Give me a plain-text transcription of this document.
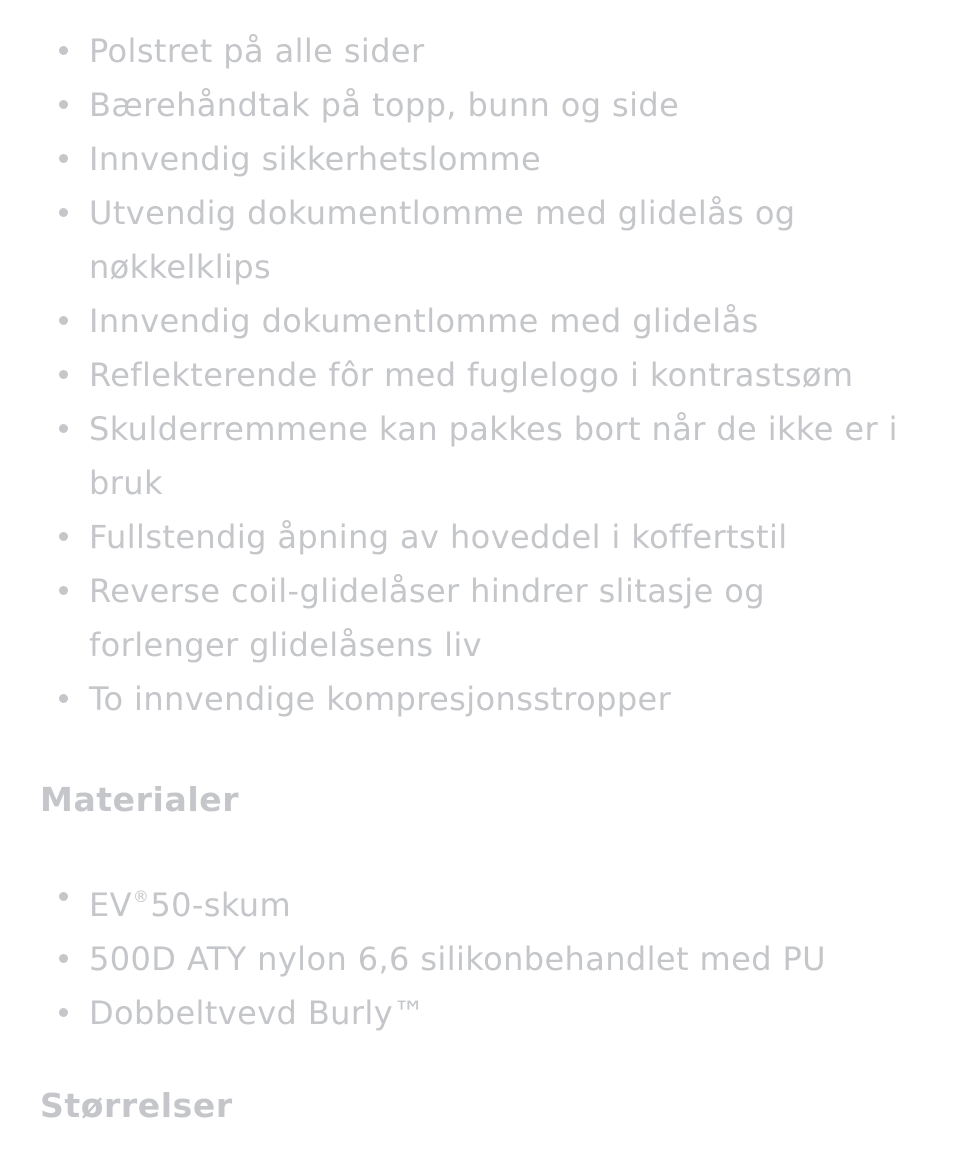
Polstret på alle sider
Bærehåndtak på topp, bunn og side
Innvendig sikkerhetslomme
Utvendig dokumentlomme med glidelås og nøkkelklips
Innvendig dokumentlomme med glidelås
Reflekterende fôr med fuglelogo i kontrastsøm
Skulderremmene kan pakkes bort når de ikke er i bruk
Fullstendig åpning av hoveddel i koffertstil
Reverse coil-glidelåser hindrer slitasje og forlenger glidelåsens liv
To innvendige kompresjonsstropper
Materialer
EV®50-skum
500D ATY nylon 6,6 silikonbehandlet med PU
Dobbeltvevd Burly™
Størrelser
